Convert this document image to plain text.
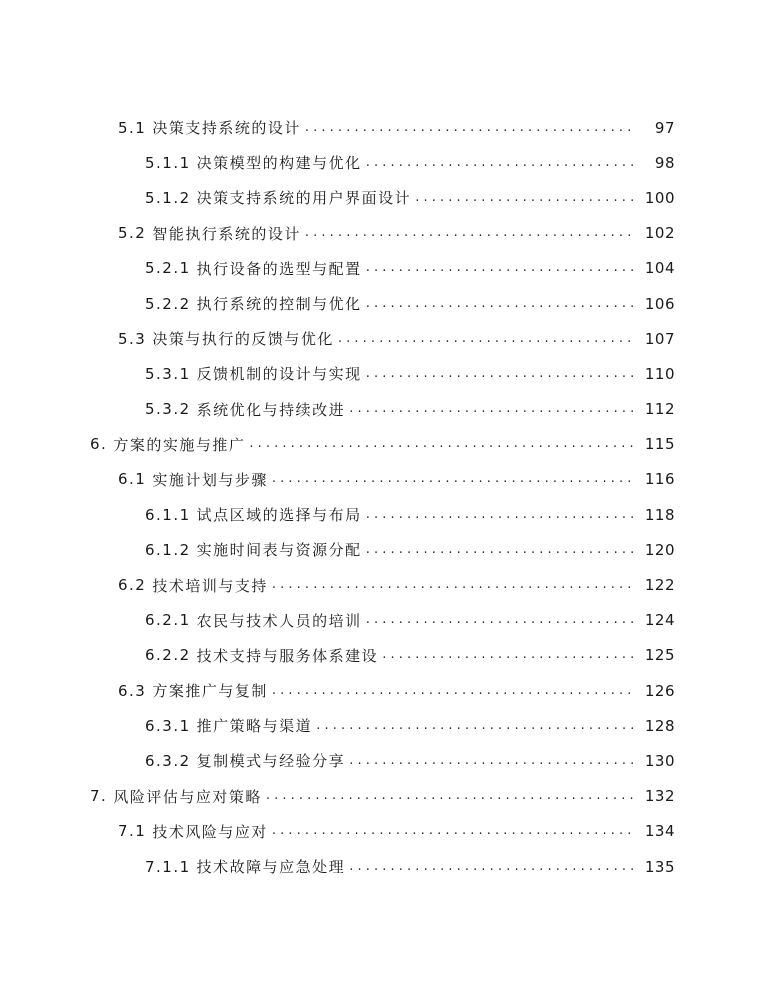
5.1 决策支持系统的设计 . . .	97
5.1.1 决策模型的构建与优化 . . .	98
5.1.2 决策支持系统的用户界面设计 . . .	100
5.2 智能执行系统的设计 . . .	102
5.2.1 执行设备的选型与配置 . . .	104
5.2.2 执行系统的控制与优化 . . .	106
5.3 决策与执行的反馈与优化 . . .	107
5.3.1 反馈机制的设计与实现 . . .	110
5.3.2 系统优化与持续改进 . . .	112
6. 方案的实施与推广 . . .	115
6.1 实施计划与步骤 . . .	116
6.1.1 试点区域的选择与布局 . . .	118
6.1.2 实施时间表与资源分配 . . .	120
6.2 技术培训与支持 . . .	122
6.2.1 农民与技术人员的培训 . . .	124
6.2.2 技术支持与服务体系建设 . . .	125
6.3 方案推广与复制 . . .	126
6.3.1 推广策略与渠道 . . .	128
6.3.2 复制模式与经验分享 . . .	130
7. 风险评估与应对策略 . . .	132
7.1 技术风险与应对 . . .	134
7.1.1 技术故障与应急处理 . . .	135
